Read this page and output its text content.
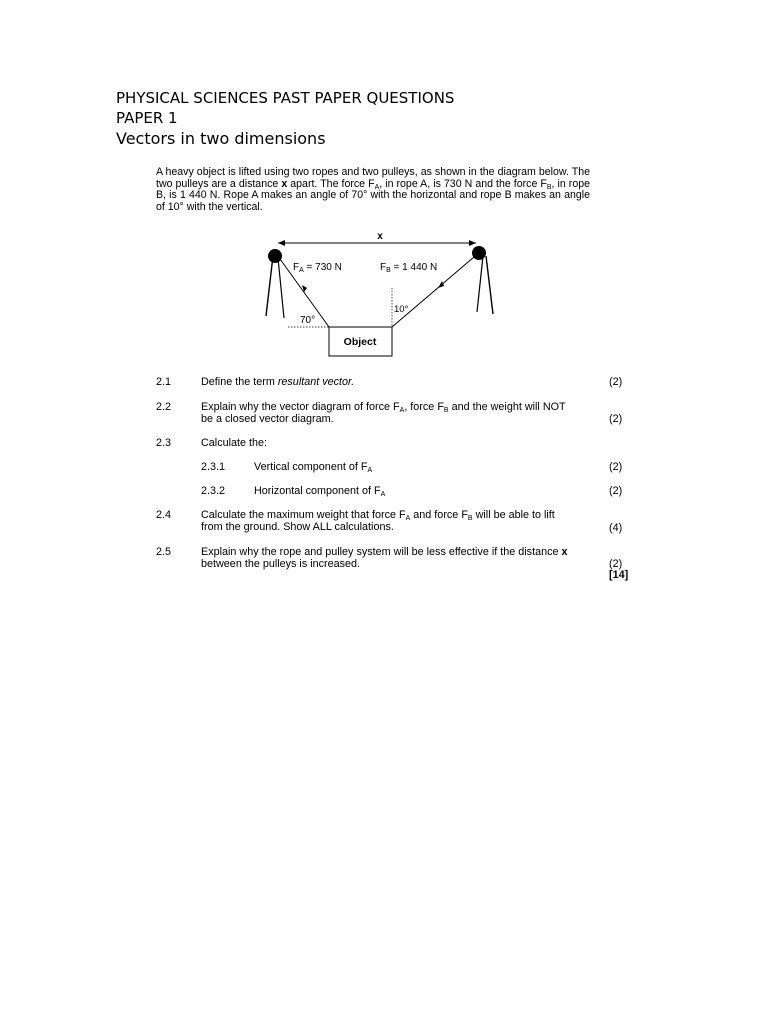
PHYSICAL SCIENCES PAST PAPER QUESTIONS
PAPER 1
Vectors in two dimensions
A heavy object is lifted using two ropes and two pulleys, as shown in the diagram below. The two pulleys are a distance x apart. The force $F_A$, in rope A, is 730 N and the force $F_B$, in rope B, is 1 440 N. Rope A makes an angle of 70° with the horizontal and rope B makes an angle of 10° with the vertical.
x
Object
$F_A = 730$ N	$F_B = 1$ 440 N
70°
10°
2.1	Define the term resultant vector.	(2)
2.2	Explain why the vector diagram of force $F_A$, force $F_B$ and the weight will NOT
be a closed vector diagram.	(2)
2.3	Calculate the:
2.3.1	Vertical component of $F_A$	(2)
2.3.2	Horizontal component of $F_A$	(2)
2.4	Calculate the maximum weight that force $F_A$ and force $F_B$ will be able to lift
from the ground. Show ALL calculations.	(4)
2.5	Explain why the rope and pulley system will be less effective if the distance x
between the pulleys is increased.	(2)
[14]
